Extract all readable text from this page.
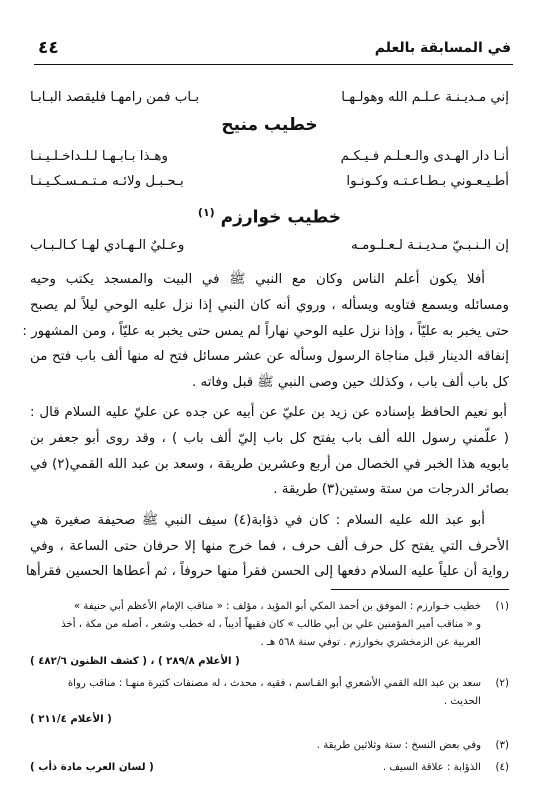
في المسابقة بالعلم
٤٤
إني مـديـنـة عـلـم الله وهولـهـا
بـاب فمن رامهـا فليقصد البـابـا
خطيب منيح
أنـا دار الهـدى والـعـلـم فـيـكـم
وهـذا بـابـهـا لـلـداخـلـيـنـا
أطـيـعـوني بـطـاعـتـه وكـونـوا
بـحـبـل ولائـه مـتـمـسـكـيـنـا
خطيب خوارزم $^{(١)}$
إن الـنـبـيّ مـديـنـة لـعـلـومـه
وعـليٌ الـهـادي لهـا كـالـبـاب
أفلا يكون أعلم الناس وكان مع النبي ﷺ في البيت والمسجد يكتب وحيه
ومسائله ويسمع فتاويه ويسأله ، وروي أنه كان النبي إذا نزل عليه الوحي ليلاً لم يصبح
حتى يخبر به عليّاً ، وإذا نزل عليه الوحي نهاراً لم يمس حتى يخبر به عليّاً ، ومن المشهور :
إنفاقه الدينار قبل مناجاة الرسول وسأله عن عشر مسائل فتح له منها ألف باب فتح من
كل باب ألف باب ، وكذلك حين وصى النبي ﷺ قبل وفاته .
أبو نعيم الحافظ بإسناده عن زيد بن عليّ عن أبيه عن جده عن عليّ عليه السلام قال :
( علّمني رسول الله ألف باب يفتح كل باب إليّ ألف باب ) ، وقد روى أبو جعفر بن
بابويه هذا الخبر في الخصال من أربع وعشرين طريقة ، وسعد بن عبد الله القمي(٢) في
بصائر الدرجات من ستة وستين(٣) طريقة .
أبو عبد الله عليه السلام : كان في ذؤابة(٤) سيف النبي ﷺ صحيفة صغيرة هي
الأحرف التي يفتح كل حرف ألف حرف ، فما خرج منها إلا حرفان حتى الساعة ، وفي
رواية أن علياً عليه السلام دفعها إلى الحسن فقرأ منها حروفاً ، ثم أعطاها الحسين فقرأها
(١)
خطيب خـوارزم : الموفق بن أحمد المكي أبو المؤيد ، مؤلف : « مناقب الإمام الأعظم أبي حنيفة »
و « مناقب أمير المؤمنين علي بن أبي طالب » كان فقيهاً أديباً ، له خطب وشعر ، أصله من مكة ، أخذ
العربية عن الزمخشري بخوارزم . توفي سنة ٥٦٨ هـ .
( الأعلام ٢٨٩/٨ ) ، ( كشف الظنون ٤٨٢/٦ )
(٢)
سعد بن عبد الله القمي الأشعري أبو القـاسم ، فقيه ، محدث ، له مصنفات كثيرة منهـا : مناقب رواة
الحديث .
( الأعلام ٢١١/٤ )
(٣)
وفي بعض النسخ : ستة وثلاثين طريقة .
(٤)
الذؤابة : علاقة السيف .
( لسان العرب مادة ذأب )
